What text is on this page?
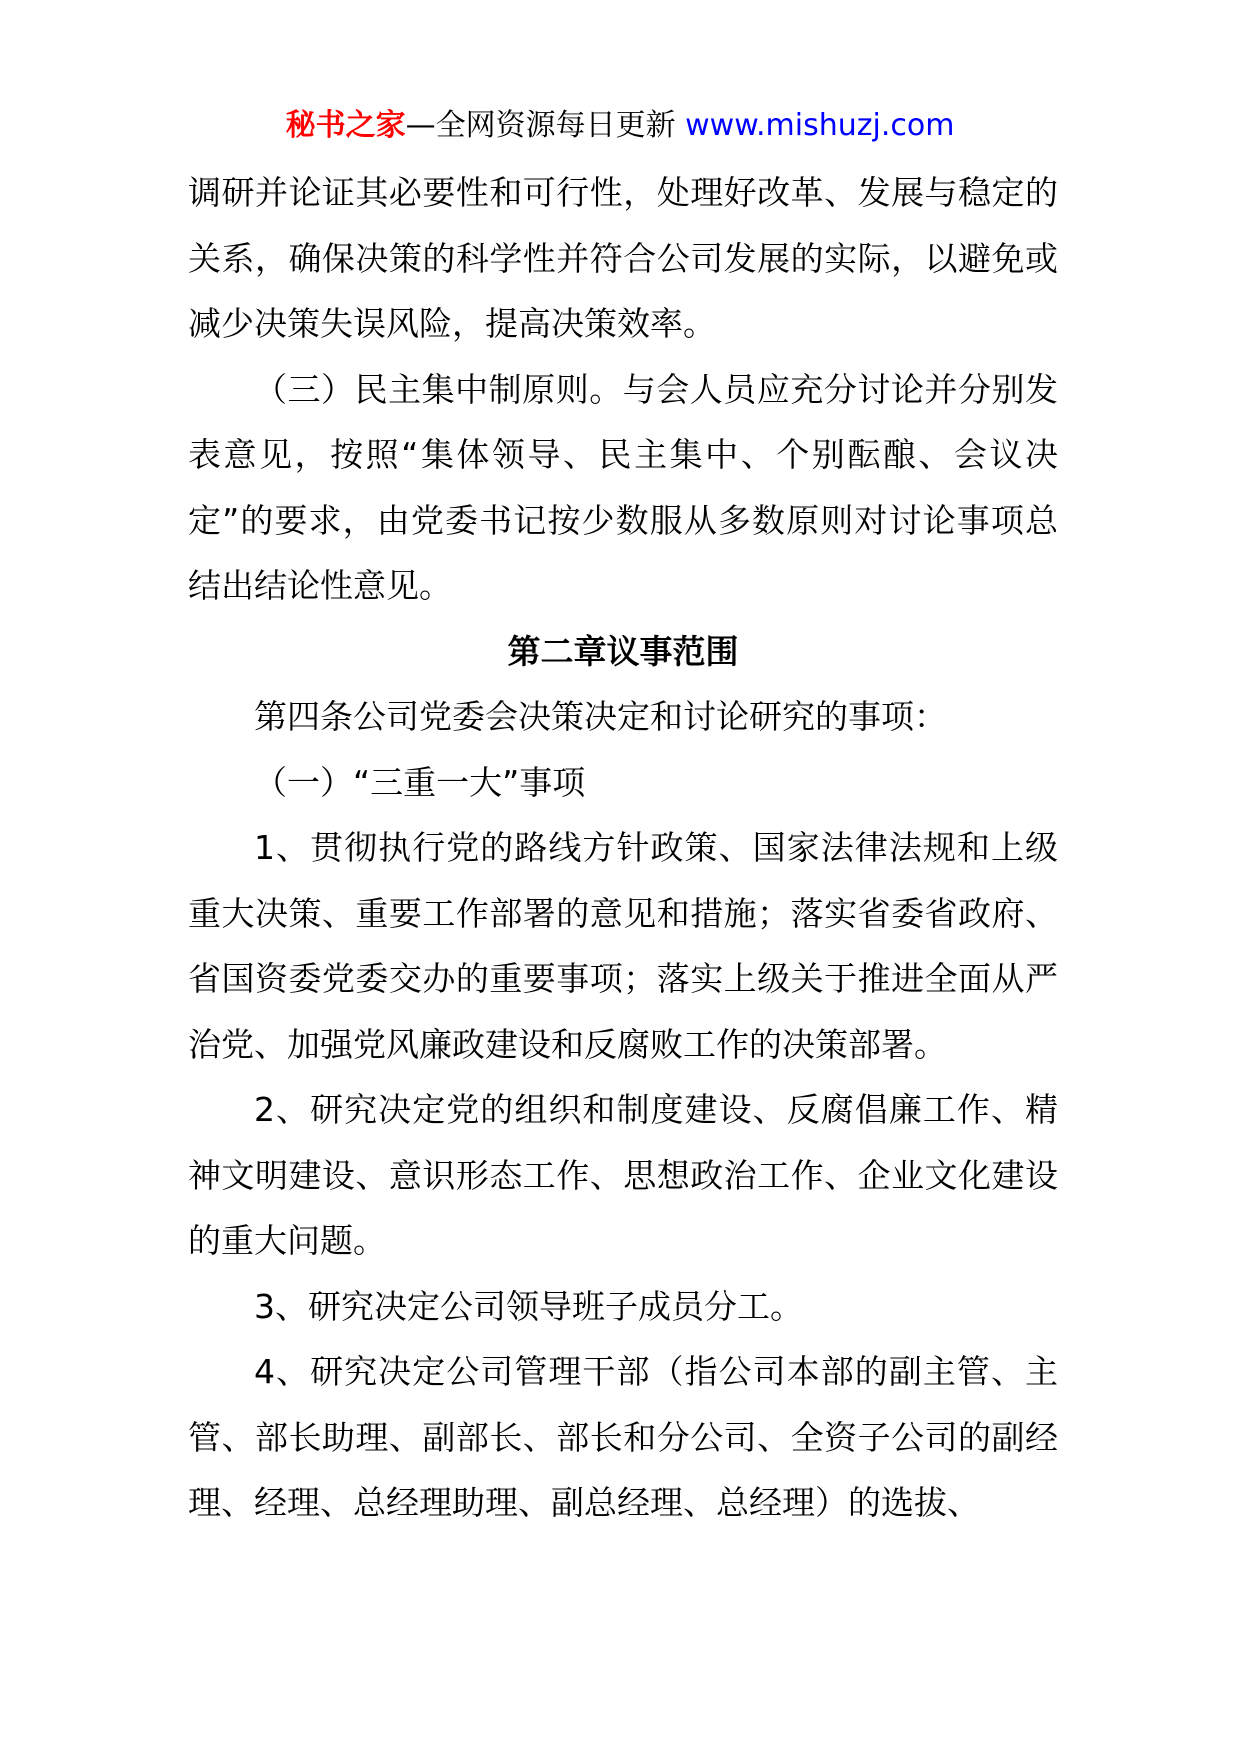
秘书之家—全网资源每日更新 www.mishuzj.com

调研并论证其必要性和可行性，处理好改革、发展与稳定的关系，确保决策的科学性并符合公司发展的实际，以避免或减少决策失误风险，提高决策效率。

（三）民主集中制原则。与会人员应充分讨论并分别发表意见，按照“集体领导、民主集中、个别酝酿、会议决定”的要求，由党委书记按少数服从多数原则对讨论事项总结出结论性意见。

第二章议事范围

第四条公司党委会决策决定和讨论研究的事项：

（一）“三重一大”事项

1、贯彻执行党的路线方针政策、国家法律法规和上级重大决策、重要工作部署的意见和措施；落实省委省政府、省国资委党委交办的重要事项；落实上级关于推进全面从严治党、加强党风廉政建设和反腐败工作的决策部署。

2、研究决定党的组织和制度建设、反腐倡廉工作、精神文明建设、意识形态工作、思想政治工作、企业文化建设的重大问题。

3、研究决定公司领导班子成员分工。

4、研究决定公司管理干部（指公司本部的副主管、主管、部长助理、副部长、部长和分公司、全资子公司的副经理、经理、总经理助理、副总经理、总经理）的选拔、
